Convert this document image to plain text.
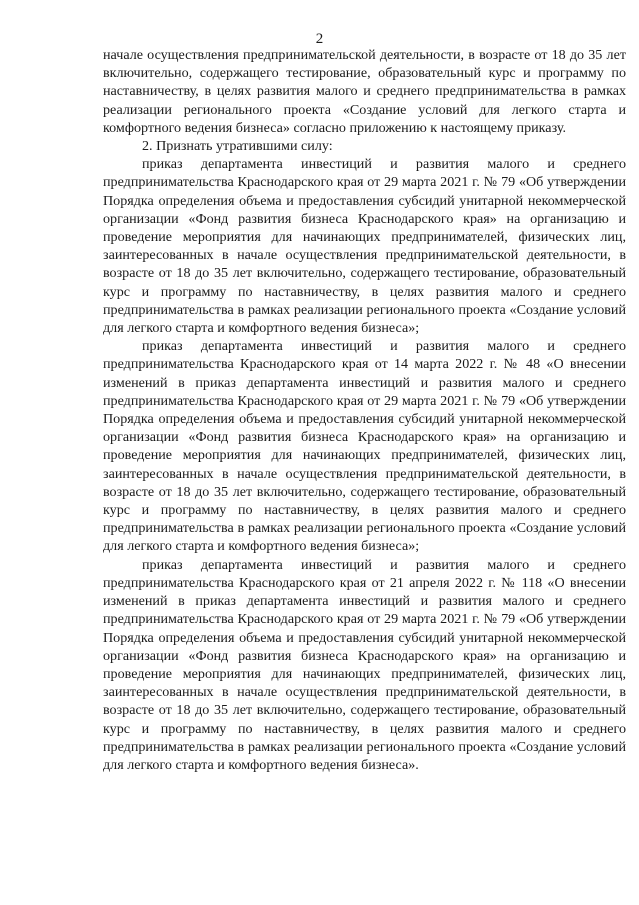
2

начале осуществления предпринимательской деятельности, в возрасте от 18 до 35 лет включительно, содержащего тестирование, образовательный курс и программу по наставничеству, в целях развития малого и среднего предпринимательства в рамках реализации регионального проекта «Создание условий для легкого старта и комфортного ведения бизнеса» согласно приложению к настоящему приказу.

2. Признать утратившими силу:

приказ департамента инвестиций и развития малого и среднего предпринимательства Краснодарского края от 29 марта 2021 г. № 79 «Об утверждении Порядка определения объема и предоставления субсидий унитарной некоммерческой организации «Фонд развития бизнеса Краснодарского края» на организацию и проведение мероприятия для начинающих предпринимателей, физических лиц, заинтересованных в начале осуществления предпринимательской деятельности, в возрасте от 18 до 35 лет включительно, содержащего тестирование, образовательный курс и программу по наставничеству, в целях развития малого и среднего предпринимательства в рамках реализации регионального проекта «Создание условий для легкого старта и комфортного ведения бизнеса»;

приказ департамента инвестиций и развития малого и среднего предпринимательства Краснодарского края от 14 марта 2022 г. № 48 «О внесении изменений в приказ департамента инвестиций и развития малого и среднего предпринимательства Краснодарского края от 29 марта 2021 г. № 79 «Об утверждении Порядка определения объема и предоставления субсидий унитарной некоммерческой организации «Фонд развития бизнеса Краснодарского края» на организацию и проведение мероприятия для начинающих предпринимателей, физических лиц, заинтересованных в начале осуществления предпринимательской деятельности, в возрасте от 18 до 35 лет включительно, содержащего тестирование, образовательный курс и программу по наставничеству, в целях развития малого и среднего предпринимательства в рамках реализации регионального проекта «Создание условий для легкого старта и комфортного ведения бизнеса»;

приказ департамента инвестиций и развития малого и среднего предпринимательства Краснодарского края от 21 апреля 2022 г. № 118 «О внесении изменений в приказ департамента инвестиций и развития малого и среднего предпринимательства Краснодарского края от 29 марта 2021 г. № 79 «Об утверждении Порядка определения объема и предоставления субсидий унитарной некоммерческой организации «Фонд развития бизнеса Краснодарского края» на организацию и проведение мероприятия для начинающих предпринимателей, физических лиц, заинтересованных в начале осуществления предпринимательской деятельности, в возрасте от 18 до 35 лет включительно, содержащего тестирование, образовательный курс и программу по наставничеству, в целях развития малого и среднего предпринимательства в рамках реализации регионального проекта «Создание условий для легкого старта и комфортного ведения бизнеса».
